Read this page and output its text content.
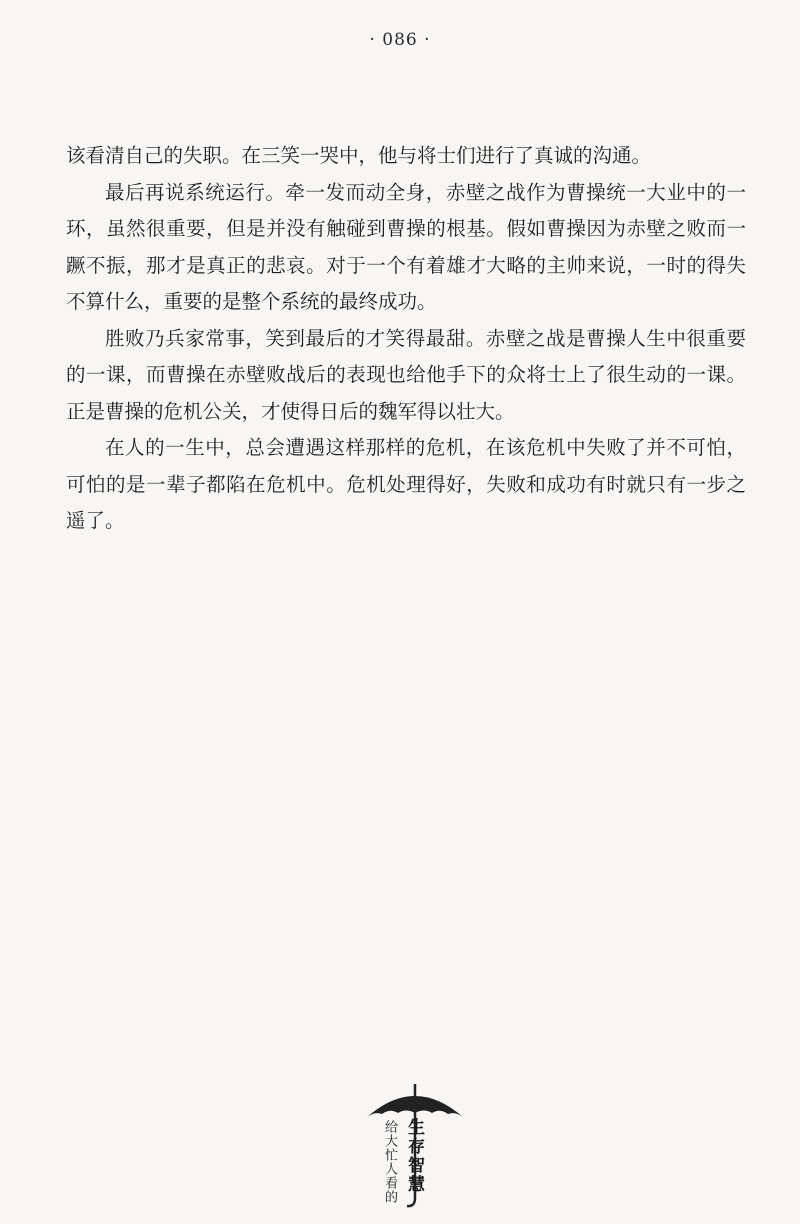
· 086 ·

该看清自己的失职。在三笑一哭中，他与将士们进行了真诚的沟通。

最后再说系统运行。牵一发而动全身，赤壁之战作为曹操统一大业中的一环，虽然很重要，但是并没有触碰到曹操的根基。假如曹操因为赤壁之败而一蹶不振，那才是真正的悲哀。对于一个有着雄才大略的主帅来说，一时的得失不算什么，重要的是整个系统的最终成功。

胜败乃兵家常事，笑到最后的才笑得最甜。赤壁之战是曹操人生中很重要的一课，而曹操在赤壁败战后的表现也给他手下的众将士上了很生动的一课。正是曹操的危机公关，才使得日后的魏军得以壮大。

在人的一生中，总会遭遇这样那样的危机，在该危机中失败了并不可怕，可怕的是一辈子都陷在危机中。危机处理得好，失败和成功有时就只有一步之遥了。

给大忙人看的 生存智慧
